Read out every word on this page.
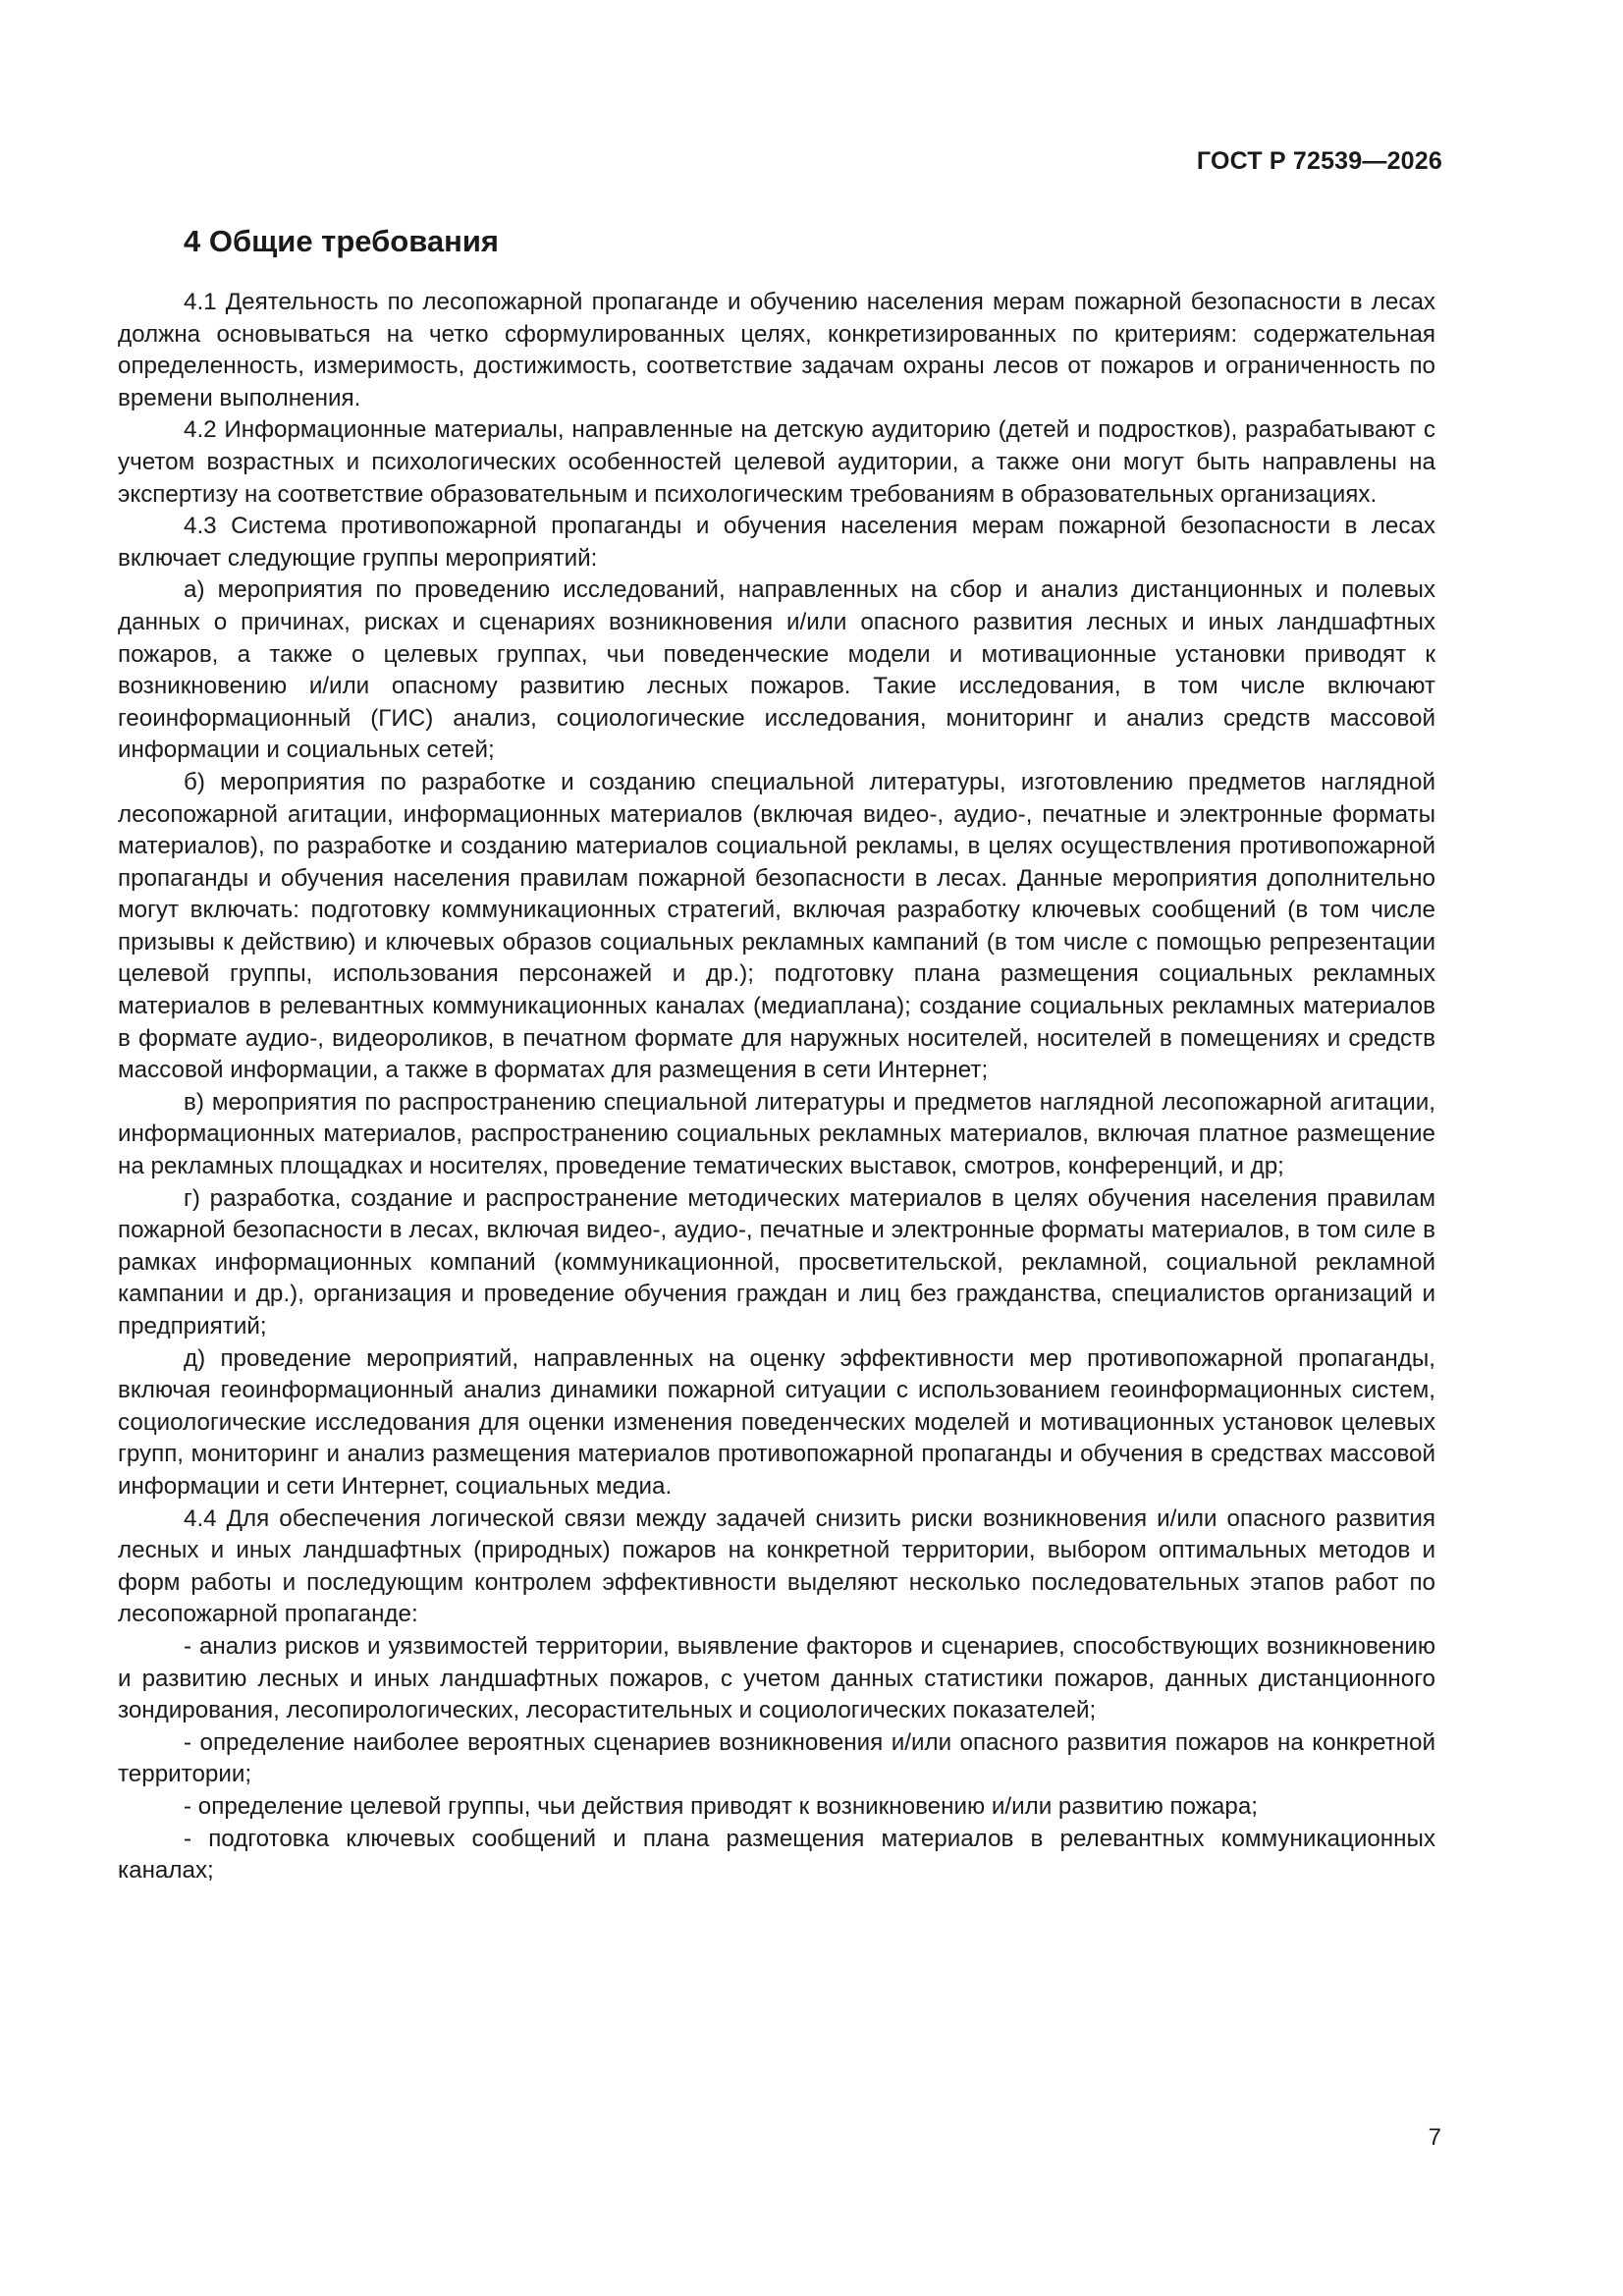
ГОСТ Р 72539—2026
4 Общие требования

4.1 Деятельность по лесопожарной пропаганде и обучению населения мерам пожарной безопасности в лесах должна основываться на четко сформулированных целях, конкретизированных по критериям: содержательная определенность, измеримость, достижимость, соответствие задачам охраны лесов от пожаров и ограниченность по времени выполнения.

4.2 Информационные материалы, направленные на детскую аудиторию (детей и подростков), разрабатывают с учетом возрастных и психологических особенностей целевой аудитории, а также они могут быть направлены на экспертизу на соответствие образовательным и психологическим требованиям в образовательных организациях.

4.3 Система противопожарной пропаганды и обучения населения мерам пожарной безопасности в лесах включает следующие группы мероприятий:

а) мероприятия по проведению исследований, направленных на сбор и анализ дистанционных и полевых данных о причинах, рисках и сценариях возникновения и/или опасного развития лесных и иных ландшафтных пожаров, а также о целевых группах, чьи поведенческие модели и мотивационные установки приводят к возникновению и/или опасному развитию лесных пожаров. Такие исследования, в том числе включают геоинформационный (ГИС) анализ, социологические исследования, мониторинг и анализ средств массовой информации и социальных сетей;

б) мероприятия по разработке и созданию специальной литературы, изготовлению предметов наглядной лесопожарной агитации, информационных материалов (включая видео-, аудио-, печатные и электронные форматы материалов), по разработке и созданию материалов социальной рекламы, в целях осуществления противопожарной пропаганды и обучения населения правилам пожарной безопасности в лесах. Данные мероприятия дополнительно могут включать: подготовку коммуникационных стратегий, включая разработку ключевых сообщений (в том числе призывы к действию) и ключевых образов социальных рекламных кампаний (в том числе с помощью репрезентации целевой группы, использования персонажей и др.); подготовку плана размещения социальных рекламных материалов в релевантных коммуникационных каналах (медиаплана); создание социальных рекламных материалов в формате аудио-, видеороликов, в печатном формате для наружных носителей, носителей в помещениях и средств массовой информации, а также в форматах для размещения в сети Интернет;

в) мероприятия по распространению специальной литературы и предметов наглядной лесопожарной агитации, информационных материалов, распространению социальных рекламных материалов, включая платное размещение на рекламных площадках и носителях, проведение тематических выставок, смотров, конференций, и др;

г) разработка, создание и распространение методических материалов в целях обучения населения правилам пожарной безопасности в лесах, включая видео-, аудио-, печатные и электронные форматы материалов, в том силе в рамках информационных компаний (коммуникационной, просветительской, рекламной, социальной рекламной кампании и др.), организация и проведение обучения граждан и лиц без гражданства, специалистов организаций и предприятий;

д) проведение мероприятий, направленных на оценку эффективности мер противопожарной пропаганды, включая геоинформационный анализ динамики пожарной ситуации с использованием геоинформационных систем, социологические исследования для оценки изменения поведенческих моделей и мотивационных установок целевых групп, мониторинг и анализ размещения материалов противопожарной пропаганды и обучения в средствах массовой информации и сети Интернет, социальных медиа.

4.4 Для обеспечения логической связи между задачей снизить риски возникновения и/или опасного развития лесных и иных ландшафтных (природных) пожаров на конкретной территории, выбором оптимальных методов и форм работы и последующим контролем эффективности выделяют несколько последовательных этапов работ по лесопожарной пропаганде:

- анализ рисков и уязвимостей территории, выявление факторов и сценариев, способствующих возникновению и развитию лесных и иных ландшафтных пожаров, с учетом данных статистики пожаров, данных дистанционного зондирования, лесопирологических, лесорастительных и социологических показателей;

- определение наиболее вероятных сценариев возникновения и/или опасного развития пожаров на конкретной территории;

- определение целевой группы, чьи действия приводят к возникновению и/или развитию пожара;

- подготовка ключевых сообщений и плана размещения материалов в релевантных коммуникационных каналах;

7
